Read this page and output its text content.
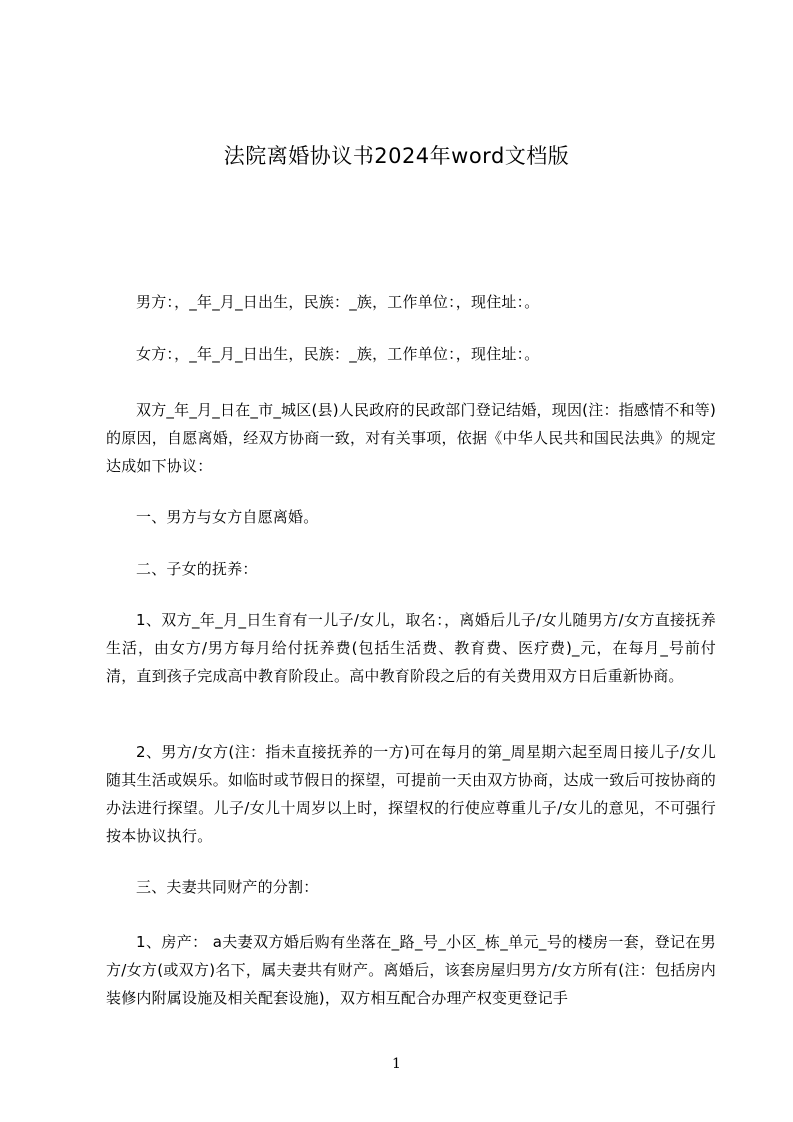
法院离婚协议书2024年word文档版

男方：，_年_月_日出生，民族：_族，工作单位：，现住址：。

女方：，_年_月_日出生，民族：_族，工作单位：，现住址：。

双方_年_月_日在_市_城区(县)人民政府的民政部门登记结婚，现因(注：指感情不和等)的原因，自愿离婚，经双方协商一致，对有关事项，依据《中华人民共和国民法典》的规定达成如下协议：

一、男方与女方自愿离婚。

二、子女的抚养：

1、双方_年_月_日生育有一儿子/女儿，取名：，离婚后儿子/女儿随男方/女方直接抚养生活，由女方/男方每月给付抚养费(包括生活费、教育费、医疗费)_元，在每月_号前付清，直到孩子完成高中教育阶段止。高中教育阶段之后的有关费用双方日后重新协商。

2、男方/女方(注：指未直接抚养的一方)可在每月的第_周星期六起至周日接儿子/女儿随其生活或娱乐。如临时或节假日的探望，可提前一天由双方协商，达成一致后可按协商的办法进行探望。儿子/女儿十周岁以上时，探望权的行使应尊重儿子/女儿的意见，不可强行按本协议执行。

三、夫妻共同财产的分割：

1、房产： a夫妻双方婚后购有坐落在_路_号_小区_栋_单元_号的楼房一套，登记在男方/女方(或双方)名下，属夫妻共有财产。离婚后，该套房屋归男方/女方所有(注：包括房内装修内附属设施及相关配套设施)，双方相互配合办理产权变更登记手

1
